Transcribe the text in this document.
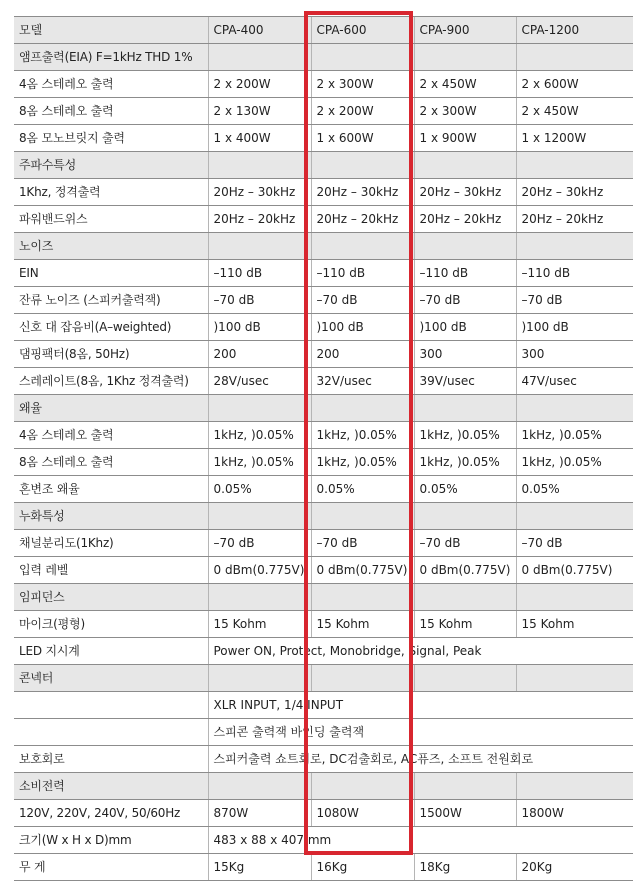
모델	CPA-400	CPA-600	CPA-900	CPA-1200
앰프출력(EIA) F=1kHz THD 1%				
4옴 스테레오 출력	2 x 200W	2 x 300W	2 x 450W	2 x 600W
8옴 스테레오 출력	2 x 130W	2 x 200W	2 x 300W	2 x 450W
8옴 모노브릿지 출력	1 x 400W	1 x 600W	1 x 900W	1 x 1200W
주파수특성				
1Khz, 정격출력	20Hz – 30kHz	20Hz – 30kHz	20Hz – 30kHz	20Hz – 30kHz
파워밴드위스	20Hz – 20kHz	20Hz – 20kHz	20Hz – 20kHz	20Hz – 20kHz
노이즈				
EIN	–110 dB	–110 dB	–110 dB	–110 dB
잔류 노이즈 (스피커출력잭)	–70 dB	–70 dB	–70 dB	–70 dB
신호 대 잡음비(A–weighted)	)100 dB	)100 dB	)100 dB	)100 dB
댐핑팩터(8옴, 50Hz)	200	200	300	300
스레레이트(8옴, 1Khz 정격출력)	28V/usec	32V/usec	39V/usec	47V/usec
왜율				
4옴 스테레오 출력	1kHz, )0.05%	1kHz, )0.05%	1kHz, )0.05%	1kHz, )0.05%
8옴 스테레오 출력	1kHz, )0.05%	1kHz, )0.05%	1kHz, )0.05%	1kHz, )0.05%
혼변조 왜율	0.05%	0.05%	0.05%	0.05%
누화특성				
채널분리도(1Khz)	–70 dB	–70 dB	–70 dB	–70 dB
입력 레벨	0 dBm(0.775V)	0 dBm(0.775V)	0 dBm(0.775V)	0 dBm(0.775V)
임피던스				
마이크(평형)	15 Kohm	15 Kohm	15 Kohm	15 Kohm
LED 지시계	Power ON, Protect, Monobridge, Signal, Peak			
콘넥터				
	XLR INPUT, 1/4 INPUT			
	스피콘 출력잭 바인딩 출력잭			
보호회로	스피커출력 쇼트회로, DC검출회로, AC퓨즈, 소프트 전원회로			
소비전력				
120V, 220V, 240V, 50/60Hz	870W	1080W	1500W	1800W
크기(W x H x D)mm	483 x 88 x 407 mm			
무 게	15Kg	16Kg	18Kg	20Kg
